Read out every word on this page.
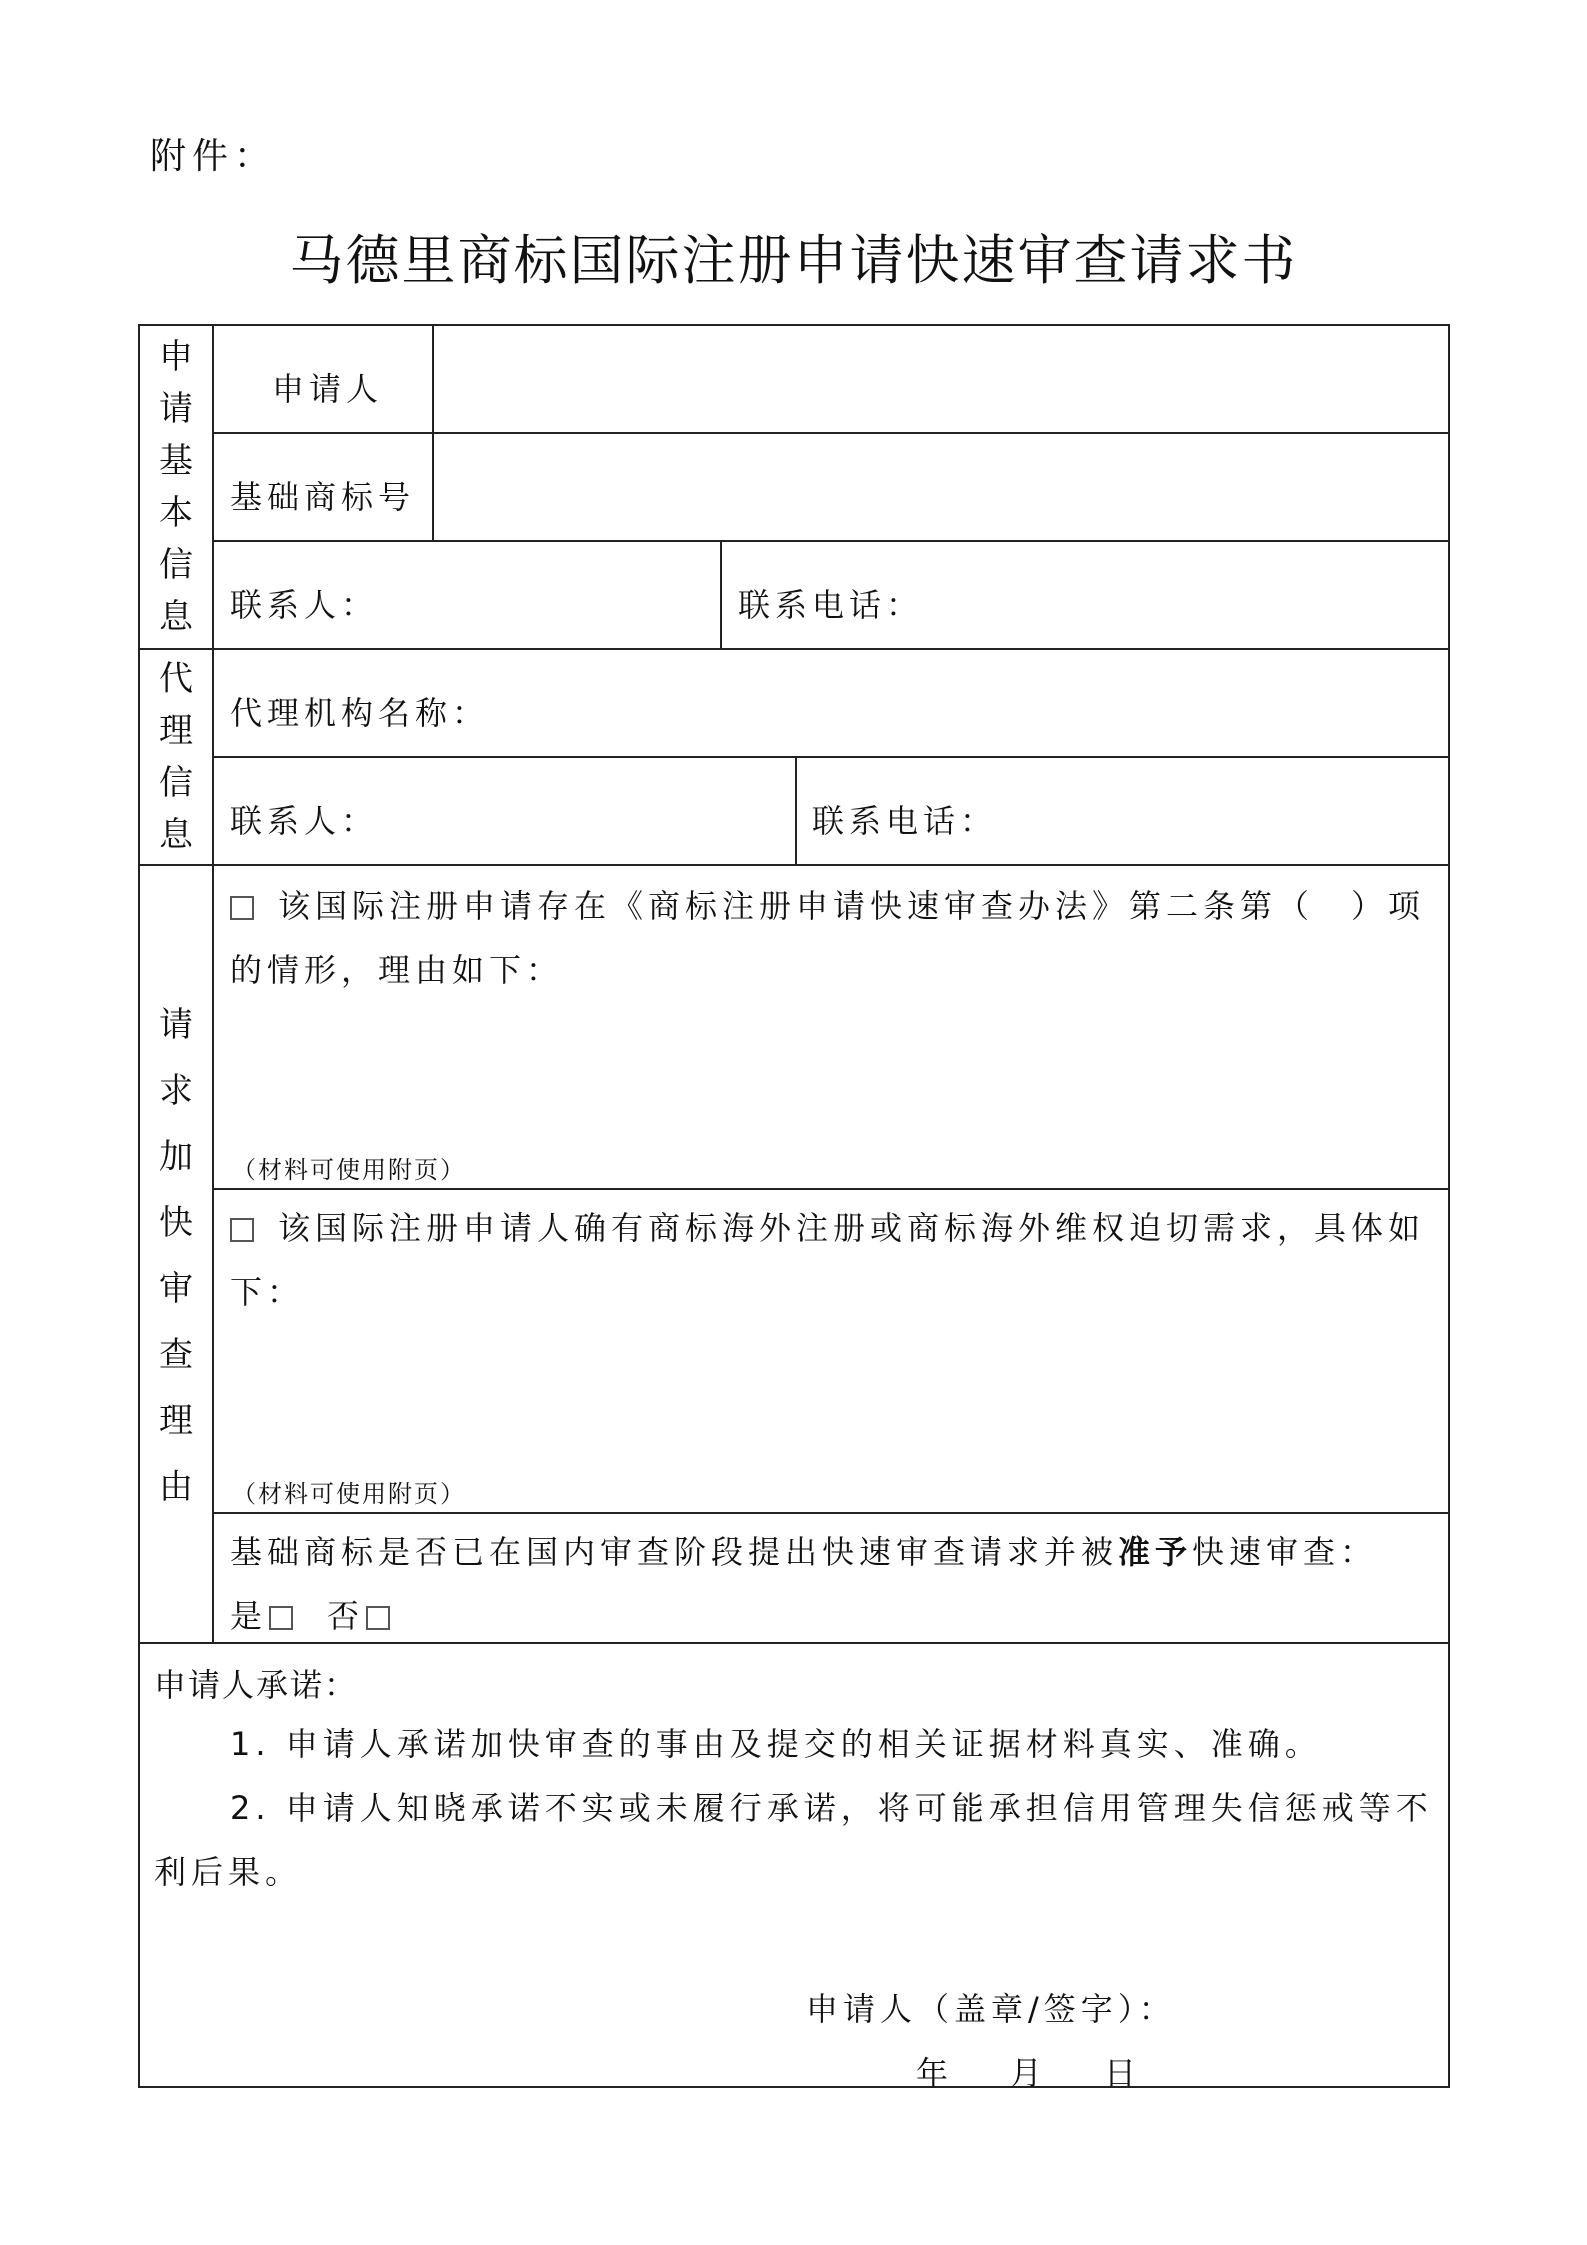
附件：
马德里商标国际注册申请快速审查请求书
申
请
基
本
信
息
申请人
基础商标号
联系人：	联系电话：
代
理
信
息
代理机构名称：
联系人：	联系电话：
请
求
加
快
审
查
理
由
该国际注册申请存在《商标注册申请快速审查办法》第二条第（　）项的情形，理由如下：
（材料可使用附页）
该国际注册申请人确有商标海外注册或商标海外维权迫切需求，具体如下：
（材料可使用附页）
基础商标是否已在国内审查阶段提出快速审查请求并被准予快速审查：
是 否
申请人承诺：
1. 申请人承诺加快审查的事由及提交的相关证据材料真实、准确。
2. 申请人知晓承诺不实或未履行承诺，将可能承担信用管理失信惩戒等不利后果。
申请人（盖章/签字）：
年 月 日
